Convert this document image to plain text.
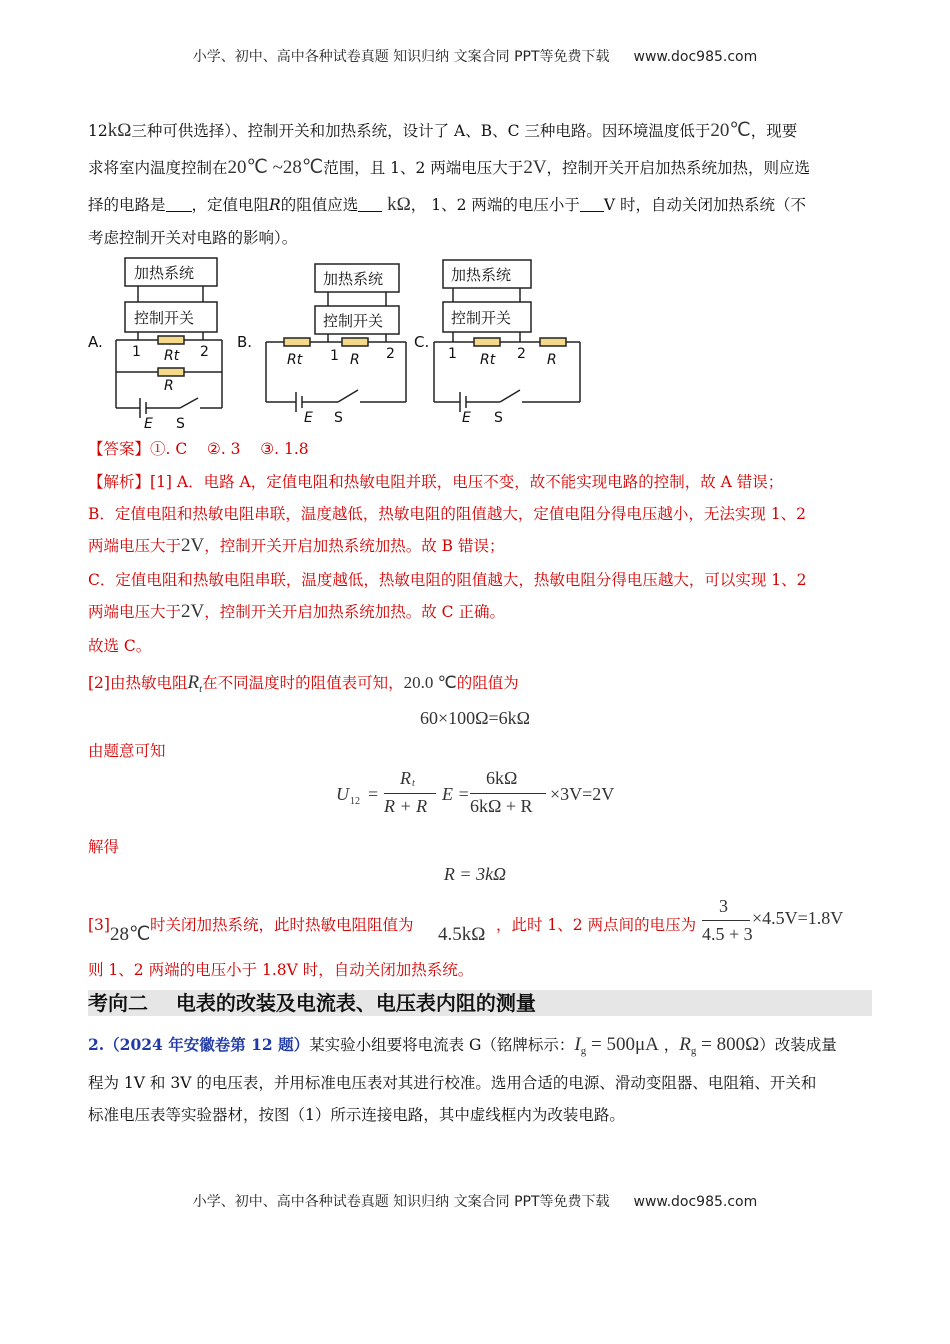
小学、初中、高中各种试卷真题 知识归纳 文案合同 PPT等免费下载 www.doc985.com
12kΩ三种可供选择）、控制开关和加热系统，设计了 A、B、C 三种电路。因环境温度低于20℃，现要
求将室内温度控制在20℃ ~28℃范围，且 1、2 两端电压大于2V，控制开关开启加热系统加热，则应选
择的电路是 ，定值电阻R的阻值应选 kΩ， 1、2 两端的电压小于 V 时，自动关闭加热系统（不
考虑控制开关对电路的影响）。
A.
加热系统
控制开关
1	2
Rt
R
E S
B.
加热系统
控制开关
Rt	R
1	2
E S
C.
加热系统
控制开关
1	2
Rt	R
E S
【答案】①. C    ②. 3    ③. 1.8
【解析】[1] A．电路 A，定值电阻和热敏电阻并联，电压不变，故不能实现电路的控制，故 A 错误；
B．定值电阻和热敏电阻串联，温度越低，热敏电阻的阻值越大，定值电阻分得电压越小，无法实现 1、2
两端电压大于2V，控制开关开启加热系统加热。故 B 错误；
C．定值电阻和热敏电阻串联，温度越低，热敏电阻的阻值越大，热敏电阻分得电压越大，可以实现 1、2
两端电压大于2V，控制开关开启加热系统加热。故 C 正确。
故选 C。
[2]由热敏电阻$R_t$在不同温度时的阻值表可知，20.0 ℃的阻值为
60×100Ω=6kΩ
由题意可知
U 12 =
R t
R + R
E =
6kΩ
6kΩ + R
×3V=2V
解得
R = 3kΩ
[3] 28℃ 时关闭加热系统，此时热敏电阻阻值为 4.5kΩ ，此时 1、2 两点间的电压为
3
4.5 + 3
×4.5V=1.8V
则 1、2 两端的电压小于 1.8V 时，自动关闭加热系统。
考向二    电表的改装及电流表、电压表内阻的测量
2.（2024 年安徽卷第 12 题）某实验小组要将电流表 G（铭牌标示：$I_g = 500\mu A$ ，$R_g = 800\Omega$）改装成量
程为 1V 和 3V 的电压表，并用标准电压表对其进行校准。选用合适的电源、滑动变阻器、电阻箱、开关和
标准电压表等实验器材，按图（1）所示连接电路，其中虚线框内为改装电路。
小学、初中、高中各种试卷真题 知识归纳 文案合同 PPT等免费下载 www.doc985.com
